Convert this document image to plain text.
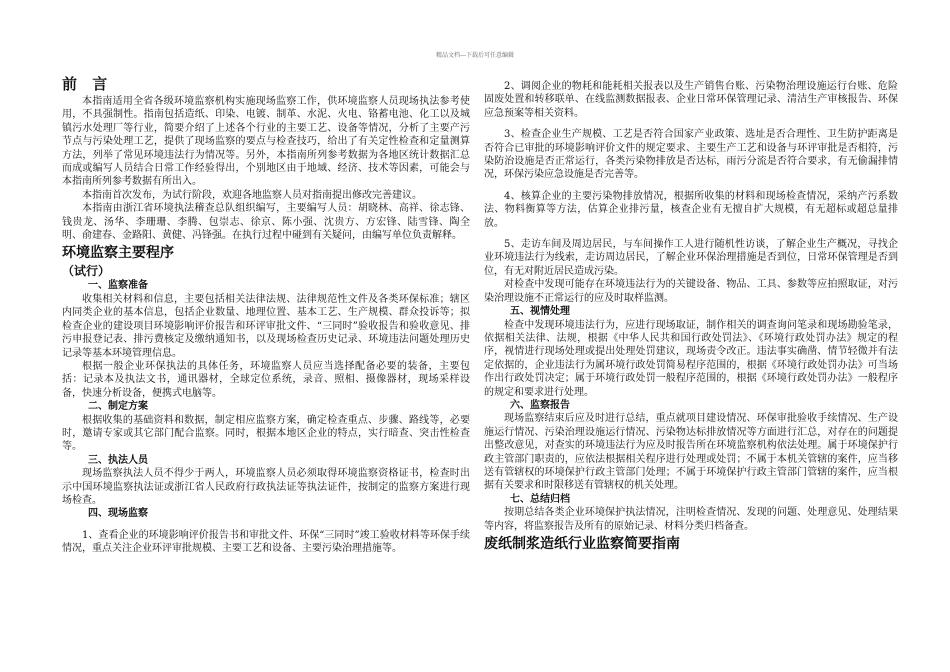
精品文档---下载后可任意编辑
前 言

本指南适用全省各级环境监察机构实施现场监察工作，供环境监察人员现场执法参考使用，不具强制性。指南包括造纸、印染、电镀、制革、水泥、火电、铬蓄电池、化工以及城镇污水处理厂等行业，简要介绍了上述各个行业的主要工艺、设备等情况，分析了主要产污节点与污染处理工艺，提供了现场监察的要点与检查技巧，给出了有关定性检查和定量测算方法，列举了常见环境违法行为情况等。另外，本指南所列参考数据为各地区统计数据汇总而成或编写人员结合日常工作经验得出，个别地区由于地域、经济、技术等因素，可能会与本指南所列参考数据有所出入。

本指南首次发布，为试行阶段，欢迎各地监察人员对指南提出修改完善建议。

本指南由浙江省环境执法稽查总队组织编写，主要编写人员：胡晓林、高祥、徐志锋、钱贵龙、汤华、李珊珊、李腾、包崇志、徐京、陈小强、沈贵方、方宏锋、陆雪锋、陶全明、俞建春、金路阳、黄健、冯锋强。在执行过程中碰到有关疑问，由编写单位负责解释。

环境监察主要程序
（试行）
一、监察准备

收集相关材料和信息，主要包括相关法律法规、法律规范性文件及各类环保标准；辖区内同类企业的基本信息，包括企业数量、地理位置、基本工艺、生产规模、群众投诉等；拟检查企业的建设项目环境影响评价报告和环评审批文件、“三同时”验收报告和验收意见、排污申报登记表、排污费核定及缴纳通知书，以及现场检查历史记录、环境违法问题处理历史记录等基本环境管理信息。

根据一般企业环保执法的具体任务，环境监察人员应当选择配备必要的装备，主要包括：记录本及执法文书，通讯器材，全球定位系统，录音、照相、摄像器材，现场采样设备，快速分析设备，便携式电脑等。

二、制定方案

根据收集的基础资料和数据，制定相应监察方案，确定检查重点、步骤、路线等，必要时，邀请专家或其它部门配合监察。同时，根据本地区企业的特点，实行暗查、突击性检查等。

三、执法人员

现场监察执法人员不得少于两人，环境监察人员必须取得环境监察资格证书，检查时出示中国环境监察执法证或浙江省人民政府行政执法证等执法证件，按制定的监察方案进行现场检查。

四、现场监察

1、查看企业的环境影响评价报告书和审批文件、环保“三同时”竣工验收材料等环保手续情况，重点关注企业环评审批规模、主要工艺和设备、主要污染治理措施等。

2、调阅企业的物耗和能耗相关报表以及生产销售台账、污染物治理设施运行台账、危险固废处置和转移联单、在线监测数据报表、企业日常环保管理记录、清洁生产审核报告、环保应急预案等相关资料。

3、检查企业生产规模、工艺是否符合国家产业政策、选址是否合理性、卫生防护距离是否符合已审批的环境影响评价文件的规定要求、主要生产工艺和设备与环评审批是否相符，污染防治设施是否正常运行，各类污染物排放是否达标，雨污分流是否符合要求，有无偷漏排情况，环保污染应急设施是否完善等。

4、核算企业的主要污染物排放情况，根据所收集的材料和现场检查情况，采纳产污系数法、物料衡算等方法，估算企业排污量，核查企业有无擅自扩大规模，有无超标或超总量排放。

5、走访车间及周边居民，与车间操作工人进行随机性访谈，了解企业生产概况，寻找企业环境违法行为线索，走访周边居民，了解企业环保治理措施是否到位，日常环保管理是否到位，有无对附近居民造成污染。

对检查中发现可能存在环境违法行为的关键设备、物品、工具、参数等应拍照取证，对污染治理设施不正常运行的应及时取样监测。

五、视情处理

检查中发现环境违法行为，应进行现场取证，制作相关的调查询问笔录和现场勘验笔录，依据相关法律、法规，根据《中华人民共和国行政处罚法》、《环境行政处罚办法》规定的程序，视情进行现场处理或提出处理处罚建议，现场责令改正。违法事实确凿、情节轻微并有法定依据的，企业违法行为属环境行政处罚简易程序范围的，根据《环境行政处罚办法》可当场作出行政处罚决定；属于环境行政处罚一般程序范围的，根据《环境行政处罚办法》一般程序的规定和要求进行处理。

六、监察报告

现场监察结束后应及时进行总结，重点就项目建设情况、环保审批验收手续情况、生产设施运行情况、污染治理设施运行情况、污染物达标排放情况等方面进行汇总，对存在的问题提出整改意见，对查实的环境违法行为应及时报告所在环境监察机构依法处理。属于环境保护行政主管部门职责的，应依法根据相关程序进行处理或处罚；不属于本机关管辖的案件，应当移送有管辖权的环境保护行政主管部门处理；不属于环境保护行政主管部门管辖的案件，应当根据有关要求和时限移送有管辖权的机关处理。

七、总结归档

按期总结各类企业环境保护执法情况，注明检查情况、发现的问题、处理意见、处理结果等内容，将监察报告及所有的原始记录、材料分类归档备查。

废纸制浆造纸行业监察简要指南
